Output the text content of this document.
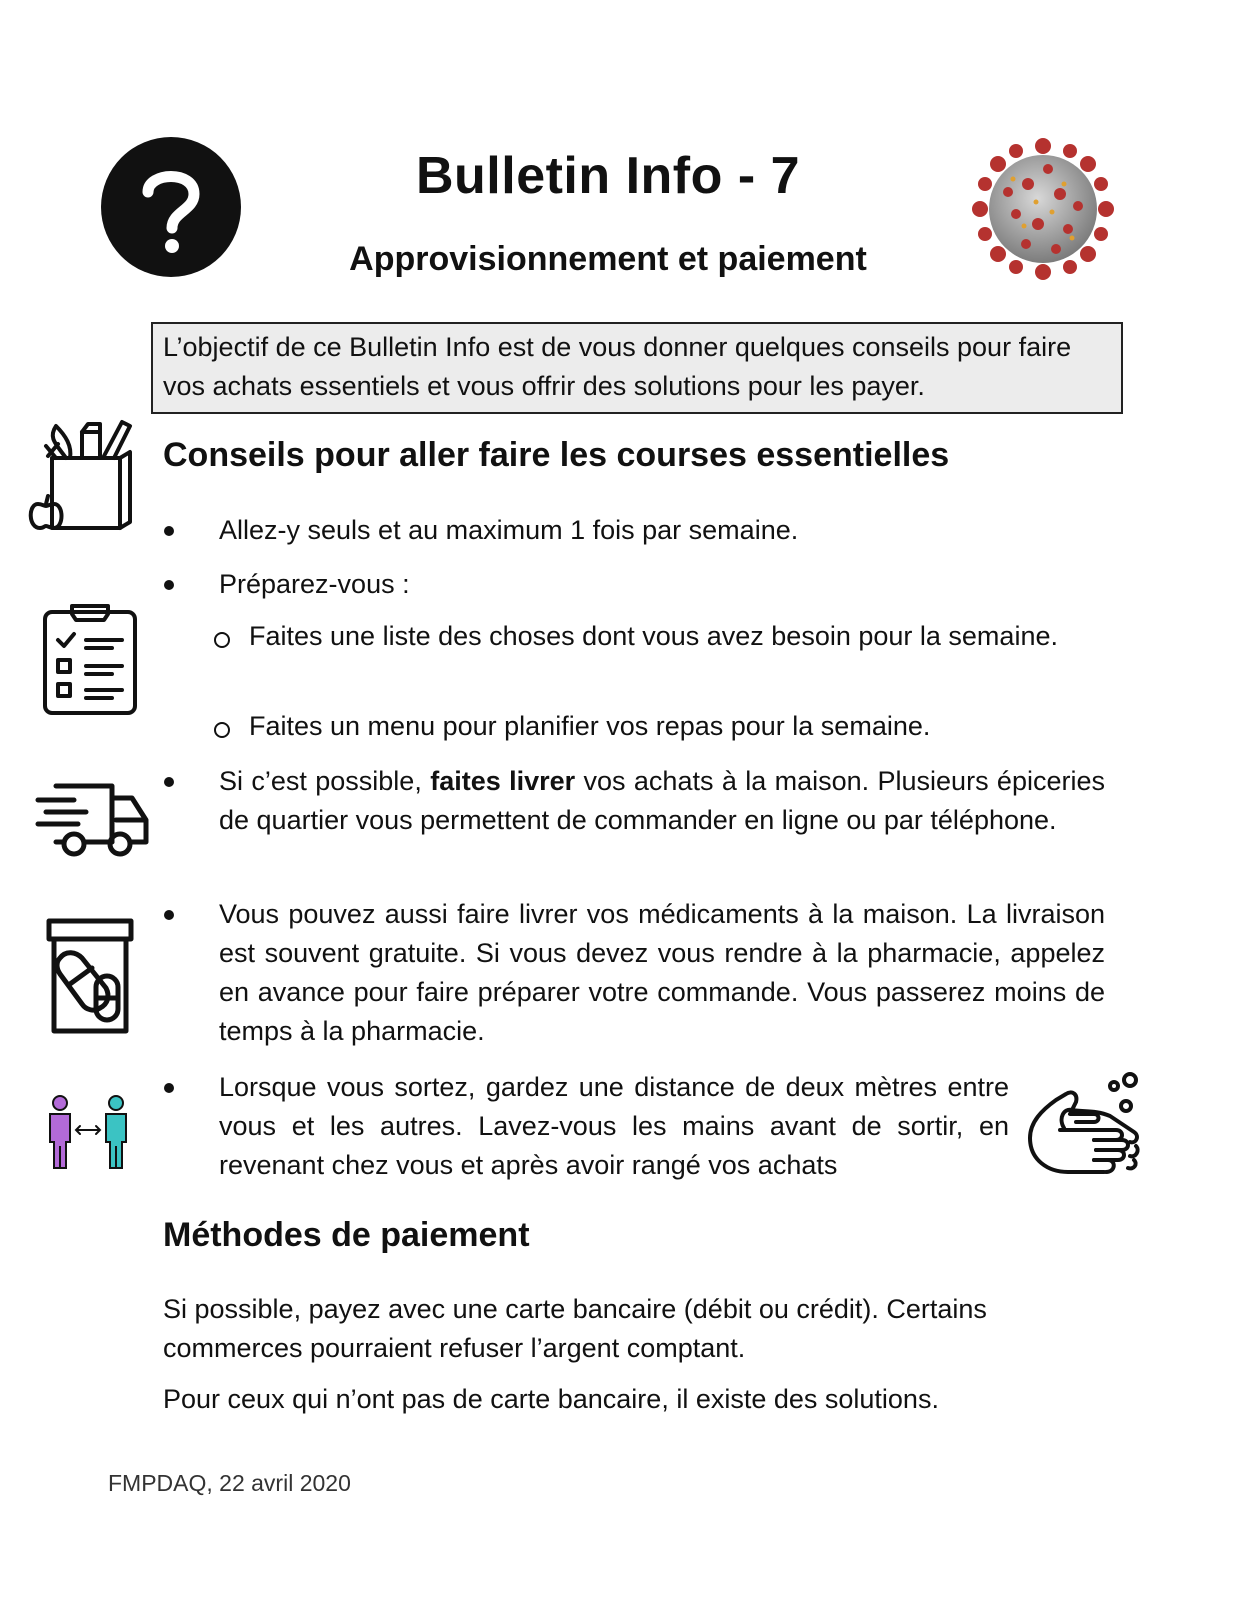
Bulletin Info - 7
Approvisionnement et paiement
L’objectif de ce Bulletin Info est de vous donner quelques conseils pour faire vos achats essentiels et vous offrir des solutions pour les payer.
Conseils pour aller faire les courses essentielles
Allez-y seuls et au maximum 1 fois par semaine.
Préparez-vous :
Faites une liste des choses dont vous avez besoin pour la semaine.
Faites un menu pour planifier vos repas pour la semaine.
Si c’est possible, faites livrer vos achats à la maison. Plusieurs épiceries de quartier vous permettent de commander en ligne ou par téléphone.
Vous pouvez aussi faire livrer vos médicaments à la maison. La livraison est souvent gratuite. Si vous devez vous rendre à la pharmacie, appelez en avance pour faire préparer votre commande. Vous passerez moins de temps à la pharmacie.
Lorsque vous sortez, gardez une distance de deux mètres entre vous et les autres. Lavez-vous les mains avant de sortir, en revenant chez vous et après avoir rangé vos achats
Méthodes de paiement
Si possible, payez avec une carte bancaire (débit ou crédit). Certains commerces pourraient refuser l’argent comptant.
Pour ceux qui n’ont pas de carte bancaire, il existe des solutions.
FMPDAQ, 22 avril 2020
